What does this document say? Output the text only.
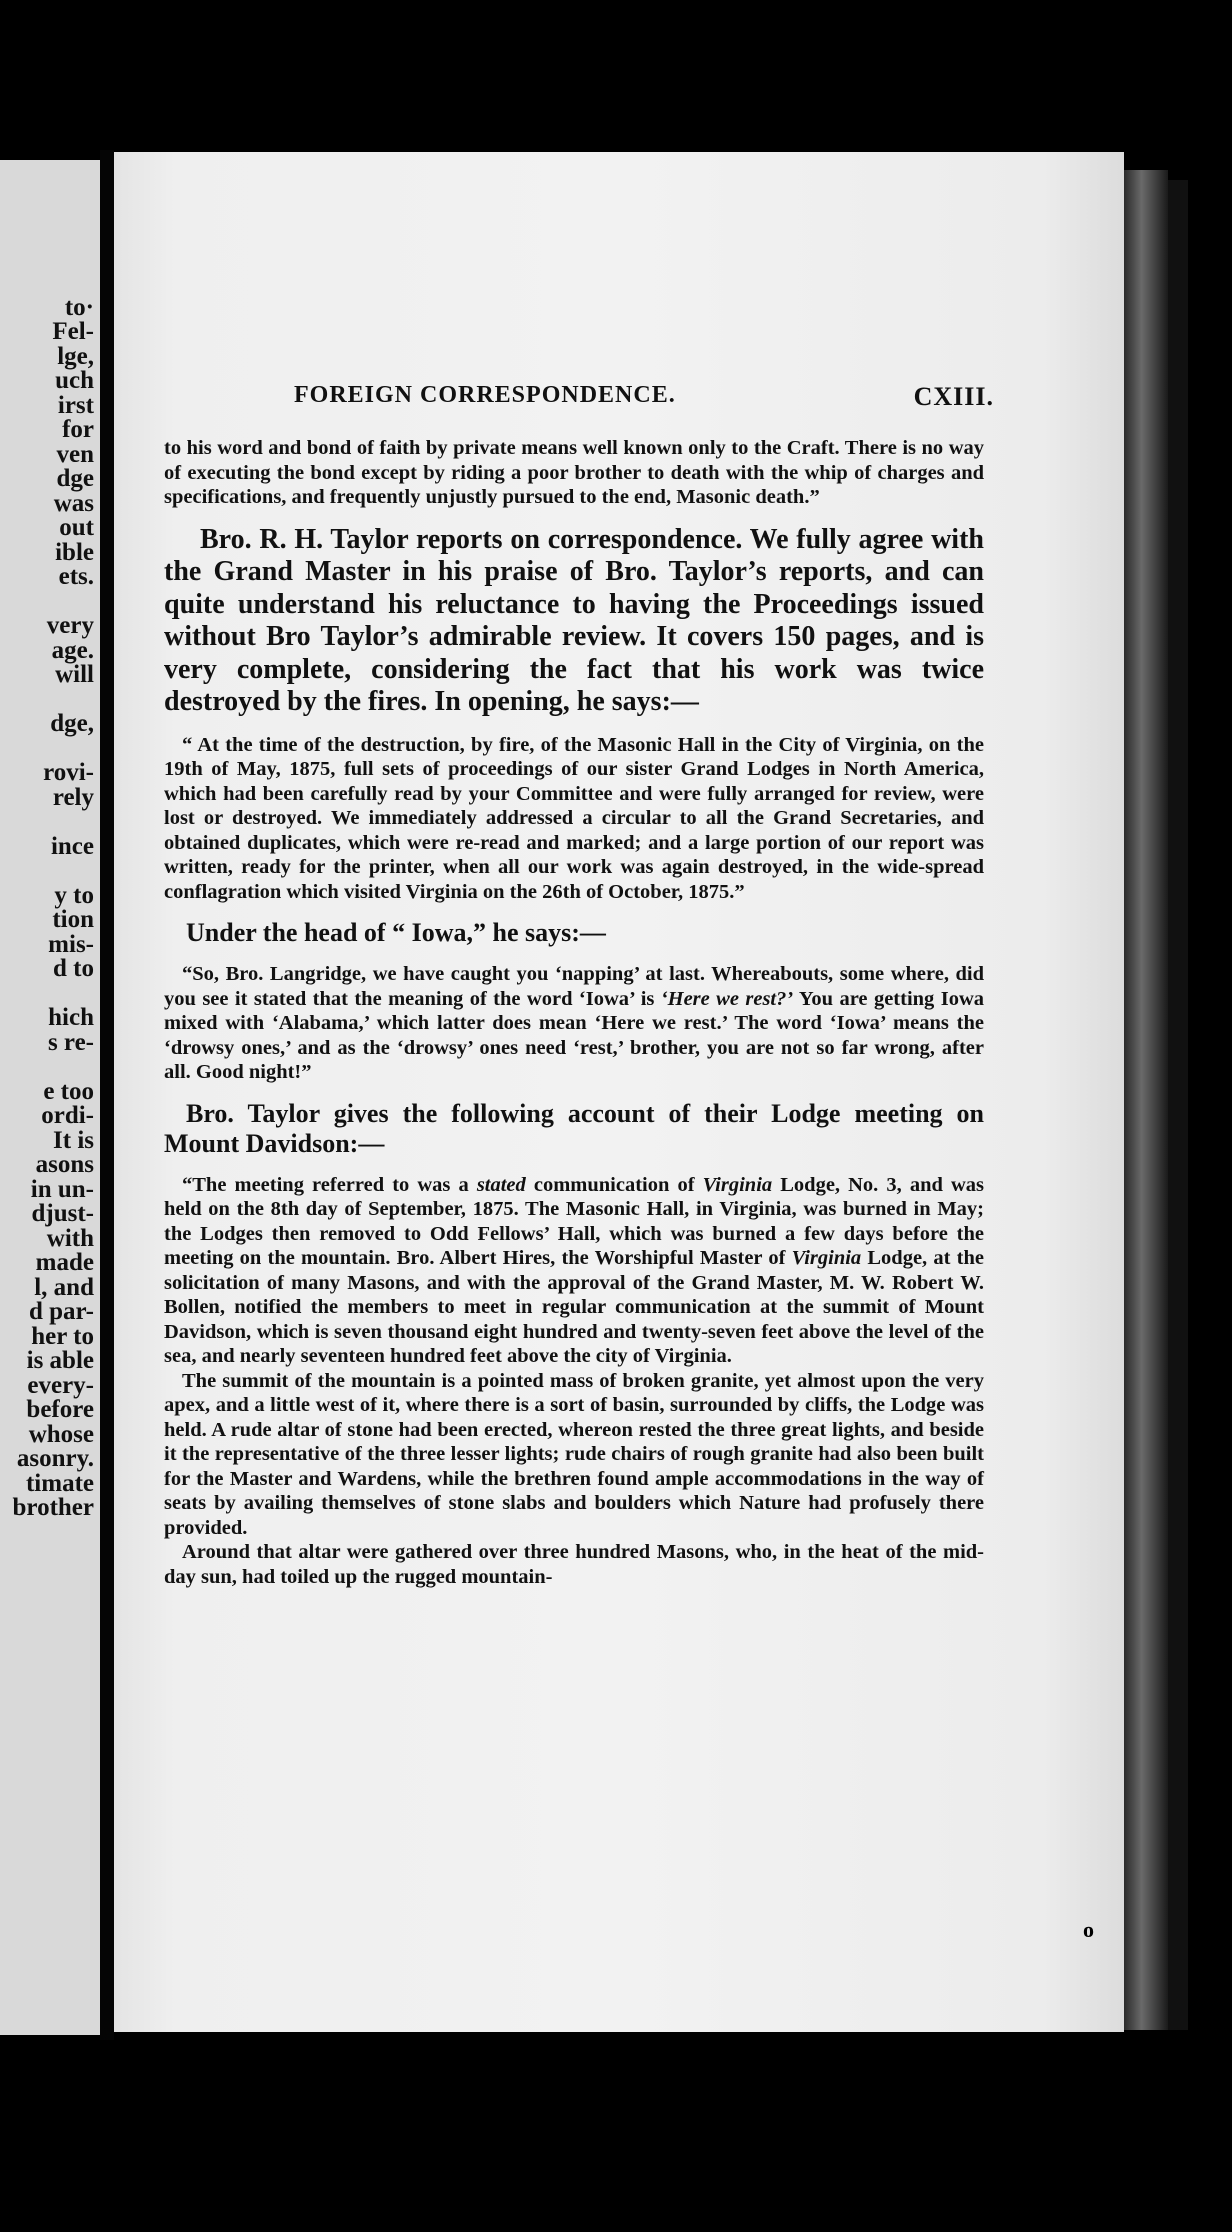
to·
Fel-
lge,
uch
irst
for
ven
dge
was
out
ible
ets.
very
age.
will
dge,
rovi-
rely
ince
y to
tion
mis-
d to
hich
s re-
e too
ordi-
It is
asons
in un-
djust-
with
made
l, and
d par-
her to
is able
every-
before
whose
asonry.
timate
brother
FOREIGN CORRESPONDENCE.	CXIII.

to his word and bond of faith by private means well known only to the Craft. There is no way of executing the bond except by riding a poor brother to death with the whip of charges and specifications, and frequently unjustly pursued to the end, Masonic death.”

Bro. R. H. Taylor reports on correspondence. We fully agree with the Grand Master in his praise of Bro. Taylor’s reports, and can quite understand his reluctance to having the Proceedings issued without Bro Taylor’s admirable review. It covers 150 pages, and is very complete, considering the fact that his work was twice destroyed by the fires. In opening, he says:—

“ At the time of the destruction, by fire, of the Masonic Hall in the City of Virginia, on the 19th of May, 1875, full sets of proceedings of our sister Grand Lodges in North America, which had been carefully read by your Committee and were fully arranged for review, were lost or destroyed. We immediately addressed a circular to all the Grand Secretaries, and obtained duplicates, which were re-read and marked; and a large portion of our report was written, ready for the printer, when all our work was again destroyed, in the wide-spread conflagration which visited Virginia on the 26th of October, 1875.”

Under the head of “ Iowa,” he says:—

“So, Bro. Langridge, we have caught you ‘napping’ at last. Whereabouts, some where, did you see it stated that the meaning of the word ‘Iowa’ is ‘Here we rest?’ You are getting Iowa mixed with ‘Alabama,’ which latter does mean ‘Here we rest.’ The word ‘Iowa’ means the ‘drowsy ones,’ and as the ‘drowsy’ ones need ‘rest,’ brother, you are not so far wrong, after all. Good night!”

Bro. Taylor gives the following account of their Lodge meeting on Mount Davidson:—

“The meeting referred to was a stated communication of Virginia Lodge, No. 3, and was held on the 8th day of September, 1875. The Masonic Hall, in Virginia, was burned in May; the Lodges then removed to Odd Fellows’ Hall, which was burned a few days before the meeting on the mountain. Bro. Albert Hires, the Worshipful Master of Virginia Lodge, at the solicitation of many Masons, and with the approval of the Grand Master, M. W. Robert W. Bollen, notified the members to meet in regular communication at the summit of Mount Davidson, which is seven thousand eight hundred and twenty-seven feet above the level of the sea, and nearly seventeen hundred feet above the city of Virginia.

The summit of the mountain is a pointed mass of broken granite, yet almost upon the very apex, and a little west of it, where there is a sort of basin, surrounded by cliffs, the Lodge was held. A rude altar of stone had been erected, whereon rested the three great lights, and beside it the representative of the three lesser lights; rude chairs of rough granite had also been built for the Master and Wardens, while the brethren found ample accommodations in the way of seats by availing themselves of stone slabs and boulders which Nature had profusely there provided.

Around that altar were gathered over three hundred Masons, who, in the heat of the mid-day sun, had toiled up the rugged mountain-

o
